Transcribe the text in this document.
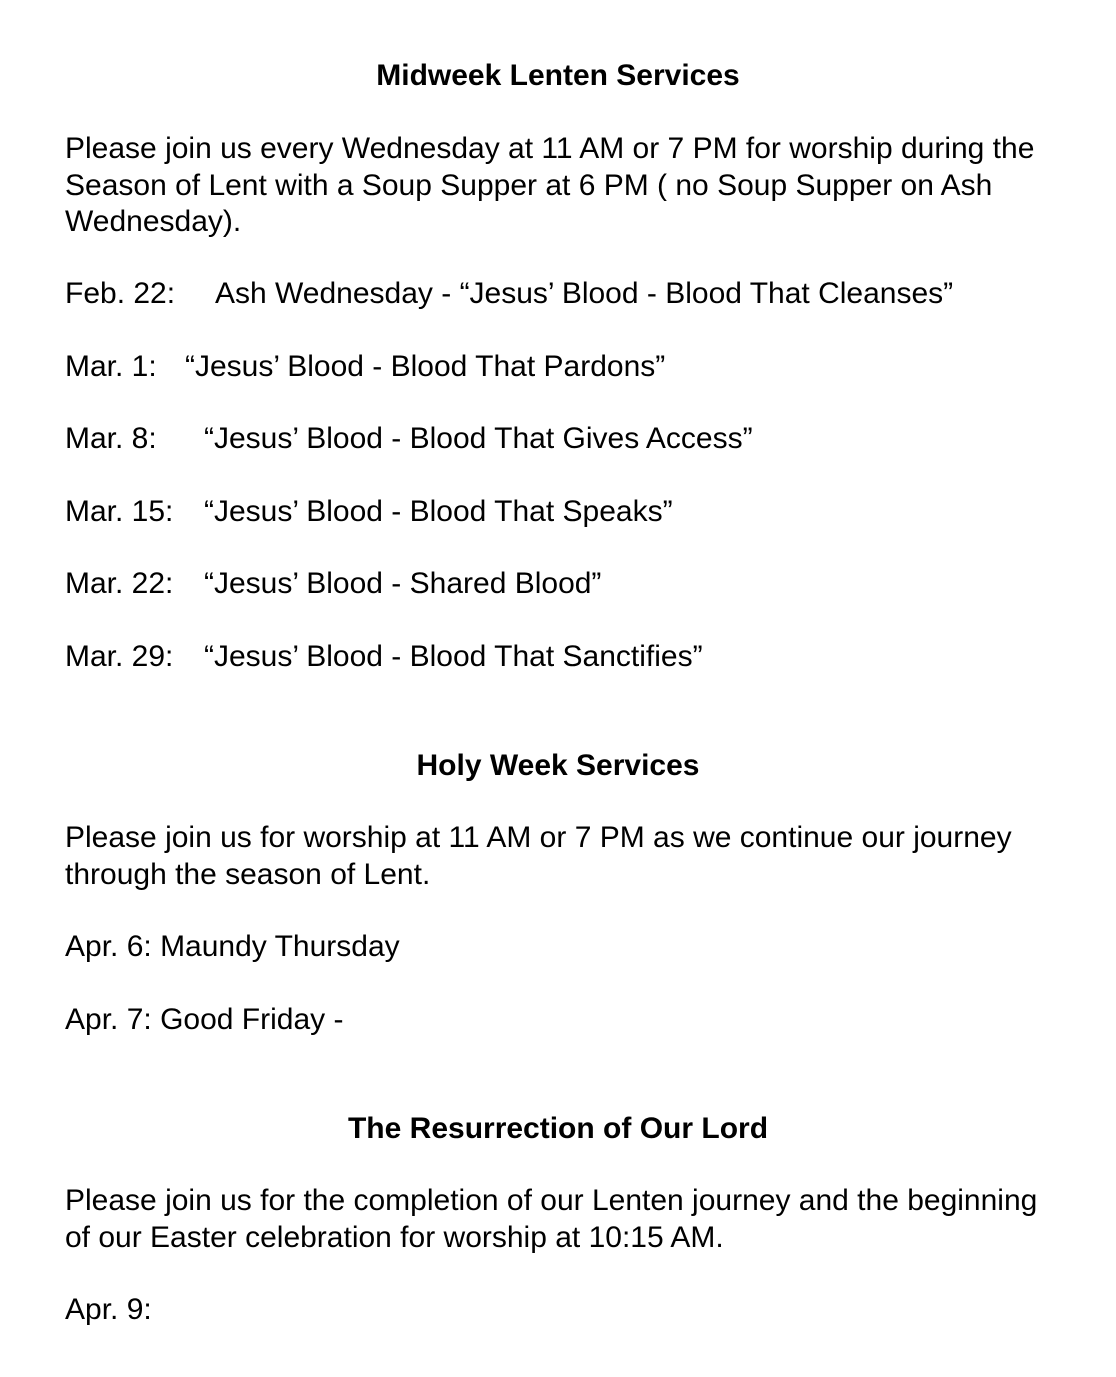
Midweek Lenten Services

Please join us every Wednesday at 11 AM or 7 PM for worship during the Season of Lent with a Soup Supper at 6 PM ( no Soup Supper on Ash Wednesday).

Feb. 22: Ash Wednesday - “Jesus’ Blood - Blood That Cleanses”
Mar. 1: “Jesus’ Blood - Blood That Pardons”
Mar. 8: “Jesus’ Blood - Blood That Gives Access”
Mar. 15: “Jesus’ Blood - Blood That Speaks”
Mar. 22: “Jesus’ Blood - Shared Blood”
Mar. 29: “Jesus’ Blood - Blood That Sanctifies”
Holy Week Services

Please join us for worship at 11 AM or 7 PM as we continue our journey through the season of Lent.

Apr. 6: Maundy Thursday
Apr. 7: Good Friday -
The Resurrection of Our Lord

Please join us for the completion of our Lenten journey and the beginning of our Easter celebration for worship at 10:15 AM.

Apr. 9:
